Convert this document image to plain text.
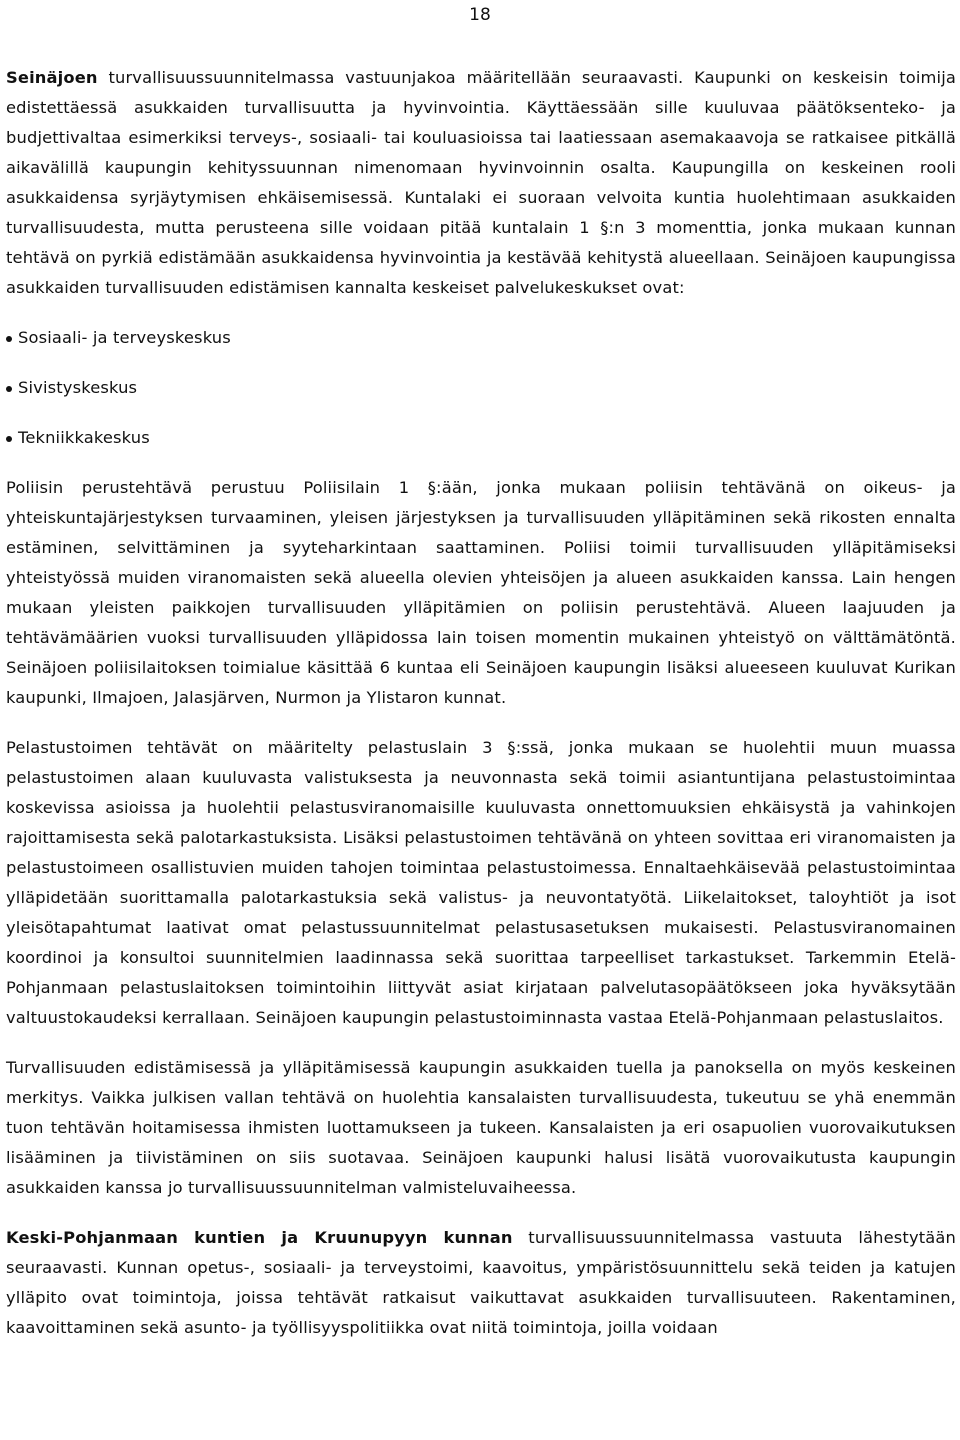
18

Seinäjoen turvallisuussuunnitelmassa vastuunjakoa määritellään seuraavasti. Kaupunki on keskeisin toimija edistettäessä asukkaiden turvallisuutta ja hyvinvointia. Käyttäessään sille kuuluvaa päätöksenteko- ja budjettivaltaa esimerkiksi terveys-, sosiaali- tai kouluasioissa tai laatiessaan asemakaavoja se ratkaisee pitkällä aikavälillä kaupungin kehityssuunnan nimenomaan hyvinvoinnin osalta. Kaupungilla on keskeinen rooli asukkaidensa syrjäytymisen ehkäisemisessä. Kuntalaki ei suoraan velvoita kuntia huolehtimaan asukkaiden turvallisuudesta, mutta perusteena sille voidaan pitää kuntalain 1 §:n 3 momenttia, jonka mukaan kunnan tehtävä on pyrkiä edistämään asukkaidensa hyvinvointia ja kestävää kehitystä alueellaan. Seinäjoen kaupungissa asukkaiden turvallisuuden edistämisen kannalta keskeiset palvelukeskukset ovat:

Sosiaali- ja terveyskeskus
Sivistyskeskus
Tekniikkakeskus

Poliisin perustehtävä perustuu Poliisilain 1 §:ään, jonka mukaan poliisin tehtävänä on oikeus- ja yhteiskuntajärjestyksen turvaaminen, yleisen järjestyksen ja turvallisuuden ylläpitäminen sekä rikosten ennalta estäminen, selvittäminen ja syyteharkintaan saattaminen. Poliisi toimii turvallisuuden ylläpitämiseksi yhteistyössä muiden viranomaisten sekä alueella olevien yhteisöjen ja alueen asukkaiden kanssa. Lain hengen mukaan yleisten paikkojen turvallisuuden ylläpitämien on poliisin perustehtävä. Alueen laajuuden ja tehtävämäärien vuoksi turvallisuuden ylläpidossa lain toisen momentin mukainen yhteistyö on välttämätöntä. Seinäjoen poliisilaitoksen toimialue käsittää 6 kuntaa eli Seinäjoen kaupungin lisäksi alueeseen kuuluvat Kurikan kaupunki, Ilmajoen, Jalasjärven, Nurmon ja Ylistaron kunnat.

Pelastustoimen tehtävät on määritelty pelastuslain 3 §:ssä, jonka mukaan se huolehtii muun muassa pelastustoimen alaan kuuluvasta valistuksesta ja neuvonnasta sekä toimii asiantuntijana pelastustoimintaa koskevissa asioissa ja huolehtii pelastusviranomaisille kuuluvasta onnettomuuksien ehkäisystä ja vahinkojen rajoittamisesta sekä palotarkastuksista. Lisäksi pelastustoimen tehtävänä on yhteen sovittaa eri viranomaisten ja pelastustoimeen osallistuvien muiden tahojen toimintaa pelastustoimessa. Ennaltaehkäisevää pelastustoimintaa ylläpidetään suorittamalla palotarkastuksia sekä valistus- ja neuvontatyötä. Liikelaitokset, taloyhtiöt ja isot yleisötapahtumat laativat omat pelastussuunnitelmat pelastusasetuksen mukaisesti. Pelastusviranomainen koordinoi ja konsultoi suunnitelmien laadinnassa sekä suorittaa tarpeelliset tarkastukset. Tarkemmin Etelä-Pohjanmaan pelastuslaitoksen toimintoihin liittyvät asiat kirjataan palvelutasopäätökseen joka hyväksytään valtuustokaudeksi kerrallaan. Seinäjoen kaupungin pelastustoiminnasta vastaa Etelä-Pohjanmaan pelastuslaitos.

Turvallisuuden edistämisessä ja ylläpitämisessä kaupungin asukkaiden tuella ja panoksella on myös keskeinen merkitys. Vaikka julkisen vallan tehtävä on huolehtia kansalaisten turvallisuudesta, tukeutuu se yhä enemmän tuon tehtävän hoitamisessa ihmisten luottamukseen ja tukeen. Kansalaisten ja eri osapuolien vuorovaikutuksen lisääminen ja tiivistäminen on siis suotavaa. Seinäjoen kaupunki halusi lisätä vuorovaikutusta kaupungin asukkaiden kanssa jo turvallisuussuunnitelman valmisteluvaiheessa.

Keski-Pohjanmaan kuntien ja Kruunupyyn kunnan turvallisuussuunnitelmassa vastuuta lähestytään seuraavasti. Kunnan opetus-, sosiaali- ja terveystoimi, kaavoitus, ympäristösuunnittelu sekä teiden ja katujen ylläpito ovat toimintoja, joissa tehtävät ratkaisut vaikuttavat asukkaiden turvallisuuteen. Rakentaminen, kaavoittaminen sekä asunto- ja työllisyyspolitiikka ovat niitä toimintoja, joilla voidaan
